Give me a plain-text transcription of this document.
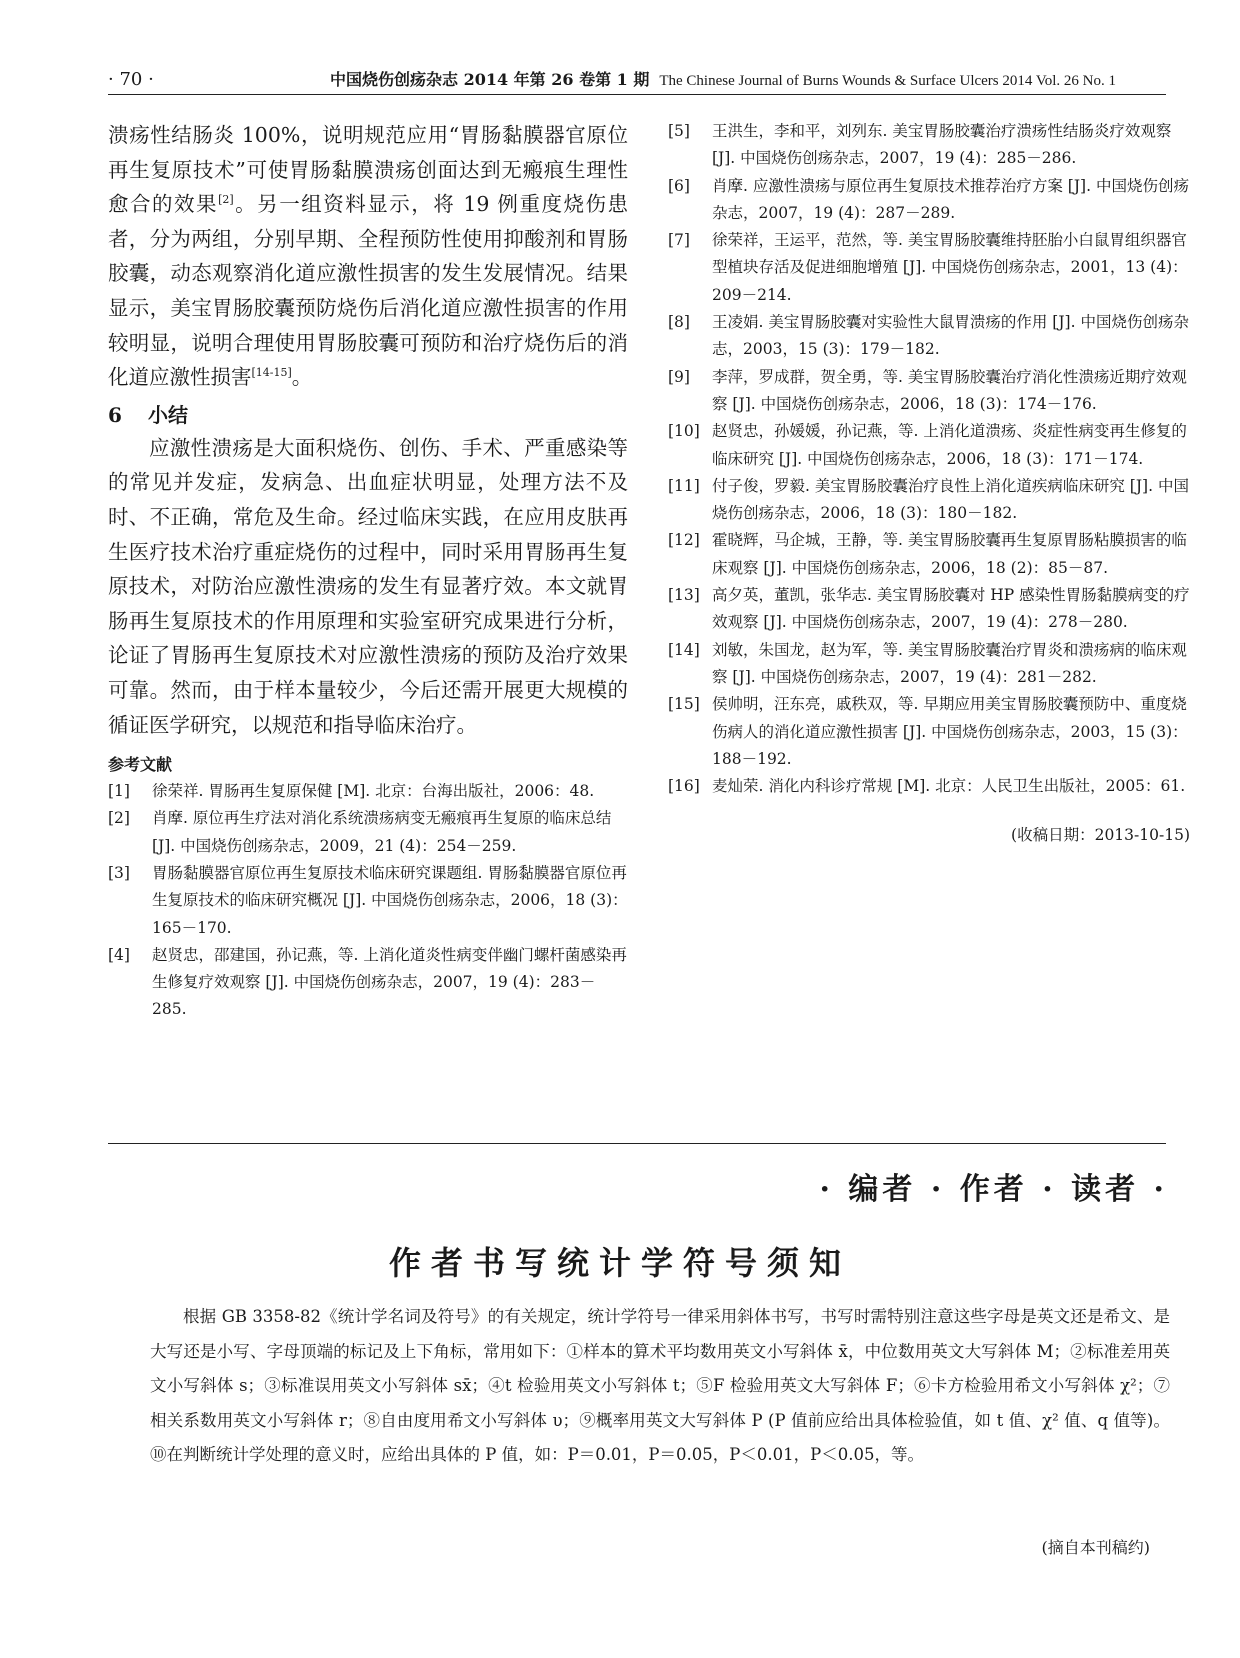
· 70 ·	中国烧伤创疡杂志 2014 年第 26 卷第 1 期 The Chinese Journal of Burns Wounds & Surface Ulcers 2014 Vol. 26 No. 1

溃疡性结肠炎 100%，说明规范应用“胃肠黏膜器官原位再生复原技术”可使胃肠黏膜溃疡创面达到无瘢痕生理性愈合的效果[2]。另一组资料显示，将 19 例重度烧伤患者，分为两组，分别早期、全程预防性使用抑酸剂和胃肠胶囊，动态观察消化道应激性损害的发生发展情况。结果显示，美宝胃肠胶囊预防烧伤后消化道应激性损害的作用较明显，说明合理使用胃肠胶囊可预防和治疗烧伤后的消化道应激性损害[14-15]。

6 小结

应激性溃疡是大面积烧伤、创伤、手术、严重感染等的常见并发症，发病急、出血症状明显，处理方法不及时、不正确，常危及生命。经过临床实践，在应用皮肤再生医疗技术治疗重症烧伤的过程中，同时采用胃肠再生复原技术，对防治应激性溃疡的发生有显著疗效。本文就胃肠再生复原技术的作用原理和实验室研究成果进行分析，论证了胃肠再生复原技术对应激性溃疡的预防及治疗效果可靠。然而，由于样本量较少，今后还需开展更大规模的循证医学研究，以规范和指导临床治疗。

参考文献
[1]	徐荣祥. 胃肠再生复原保健 [M]. 北京：台海出版社，2006：48.
[2]	肖摩. 原位再生疗法对消化系统溃疡病变无瘢痕再生复原的临床总结 [J]. 中国烧伤创疡杂志，2009，21 (4)：254－259.
[3]	胃肠黏膜器官原位再生复原技术临床研究课题组. 胃肠黏膜器官原位再生复原技术的临床研究概况 [J]. 中国烧伤创疡杂志，2006，18 (3)：165－170.
[4]	赵贤忠，邵建国，孙记燕，等. 上消化道炎性病变伴幽门螺杆菌感染再生修复疗效观察 [J]. 中国烧伤创疡杂志，2007，19 (4)：283－285.
[5]	王洪生，李和平，刘列东. 美宝胃肠胶囊治疗溃疡性结肠炎疗效观察 [J]. 中国烧伤创疡杂志，2007，19 (4)：285－286.
[6]	肖摩. 应激性溃疡与原位再生复原技术推荐治疗方案 [J]. 中国烧伤创疡杂志，2007，19 (4)：287－289.
[7]	徐荣祥，王运平，范然，等. 美宝胃肠胶囊维持胚胎小白鼠胃组织器官型植块存活及促进细胞增殖 [J]. 中国烧伤创疡杂志，2001，13 (4)：209－214.
[8]	王凌娟. 美宝胃肠胶囊对实验性大鼠胃溃疡的作用 [J]. 中国烧伤创疡杂志，2003，15 (3)：179－182.
[9]	李萍，罗成群，贺全勇，等. 美宝胃肠胶囊治疗消化性溃疡近期疗效观察 [J]. 中国烧伤创疡杂志，2006，18 (3)：174－176.
[10] 赵贤忠，孙媛媛，孙记燕，等. 上消化道溃疡、炎症性病变再生修复的临床研究 [J]. 中国烧伤创疡杂志，2006，18 (3)：171－174.
[11] 付子俊，罗毅. 美宝胃肠胶囊治疗良性上消化道疾病临床研究 [J]. 中国烧伤创疡杂志，2006，18 (3)：180－182.
[12] 霍晓辉，马企城，王静，等. 美宝胃肠胶囊再生复原胃肠粘膜损害的临床观察 [J]. 中国烧伤创疡杂志，2006，18 (2)：85－87.
[13] 高夕英，董凯，张华志. 美宝胃肠胶囊对 HP 感染性胃肠黏膜病变的疗效观察 [J]. 中国烧伤创疡杂志，2007，19 (4)：278－280.
[14] 刘敏，朱国龙，赵为军，等. 美宝胃肠胶囊治疗胃炎和溃疡病的临床观察 [J]. 中国烧伤创疡杂志，2007，19 (4)：281－282.
[15] 侯帅明，汪东亮，戚秩双，等. 早期应用美宝胃肠胶囊预防中、重度烧伤病人的消化道应激性损害 [J]. 中国烧伤创疡杂志，2003，15 (3)：188－192.
[16] 麦灿荣. 消化内科诊疗常规 [M]. 北京：人民卫生出版社，2005：61.
(收稿日期：2013-10-15)
· 编者 · 作者 · 读者 ·
作者书写统计学符号须知

根据 GB 3358-82《统计学名词及符号》的有关规定，统计学符号一律采用斜体书写，书写时需特别注意这些字母是英文还是希文、是大写还是小写、字母顶端的标记及上下角标，常用如下：①样本的算术平均数用英文小写斜体 x̄，中位数用英文大写斜体 M；②标准差用英文小写斜体 s；③标准误用英文小写斜体 sx̄；④t 检验用英文小写斜体 t；⑤F 检验用英文大写斜体 F；⑥卡方检验用希文小写斜体 χ²；⑦相关系数用英文小写斜体 r；⑧自由度用希文小写斜体 υ；⑨概率用英文大写斜体 P (P 值前应给出具体检验值，如 t 值、χ² 值、q 值等)。⑩在判断统计学处理的意义时，应给出具体的 P 值，如：P＝0.01，P＝0.05，P＜0.01，P＜0.05，等。

(摘自本刊稿约)
